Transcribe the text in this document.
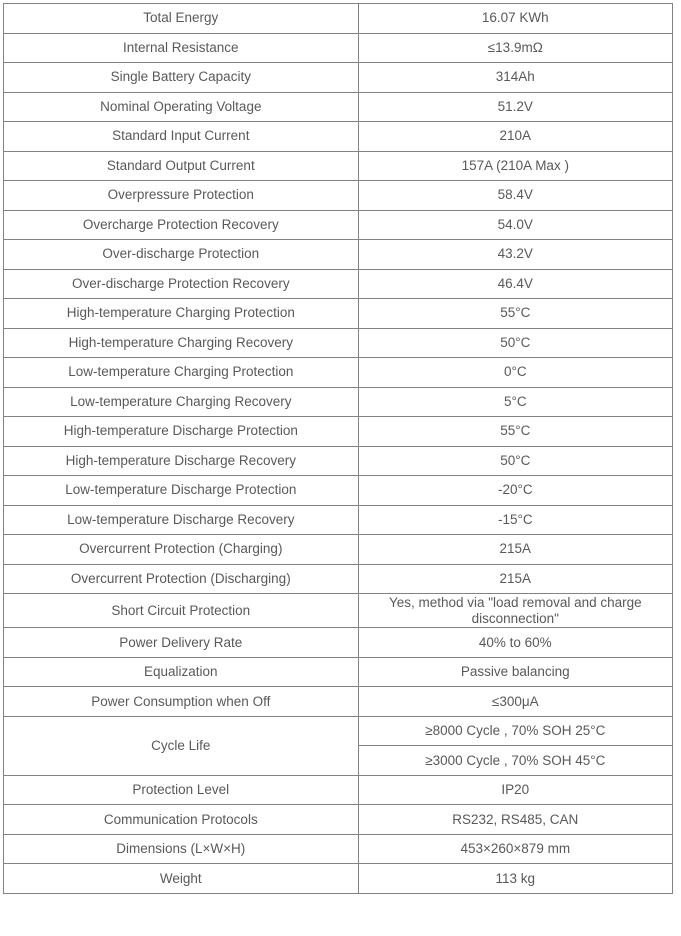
Total Energy	16.07 KWh
Internal Resistance	≤13.9mΩ
Single Battery Capacity	314Ah
Nominal Operating Voltage	51.2V
Standard Input Current	210A
Standard Output Current	157A (210A Max )
Overpressure Protection	58.4V
Overcharge Protection Recovery	54.0V
Over-discharge Protection	43.2V
Over-discharge Protection Recovery	46.4V
High-temperature Charging Protection	55°C
High-temperature Charging Recovery	50°C
Low-temperature Charging Protection	0°C
Low-temperature Charging Recovery	5°C
High-temperature Discharge Protection	55°C
High-temperature Discharge Recovery	50°C
Low-temperature Discharge Protection	-20°C
Low-temperature Discharge Recovery	-15°C
Overcurrent Protection (Charging)	215A
Overcurrent Protection (Discharging)	215A
Short Circuit Protection	Yes, method via "load removal and charge disconnection"
Power Delivery Rate	40% to 60%
Equalization	Passive balancing
Power Consumption when Off	≤300μA
Cycle Life	≥8000 Cycle , 70% SOH 25°C
	≥3000 Cycle , 70% SOH 45°C
Protection Level	IP20
Communication Protocols	RS232, RS485, CAN
Dimensions (L×W×H)	453×260×879 mm
Weight	113 kg
